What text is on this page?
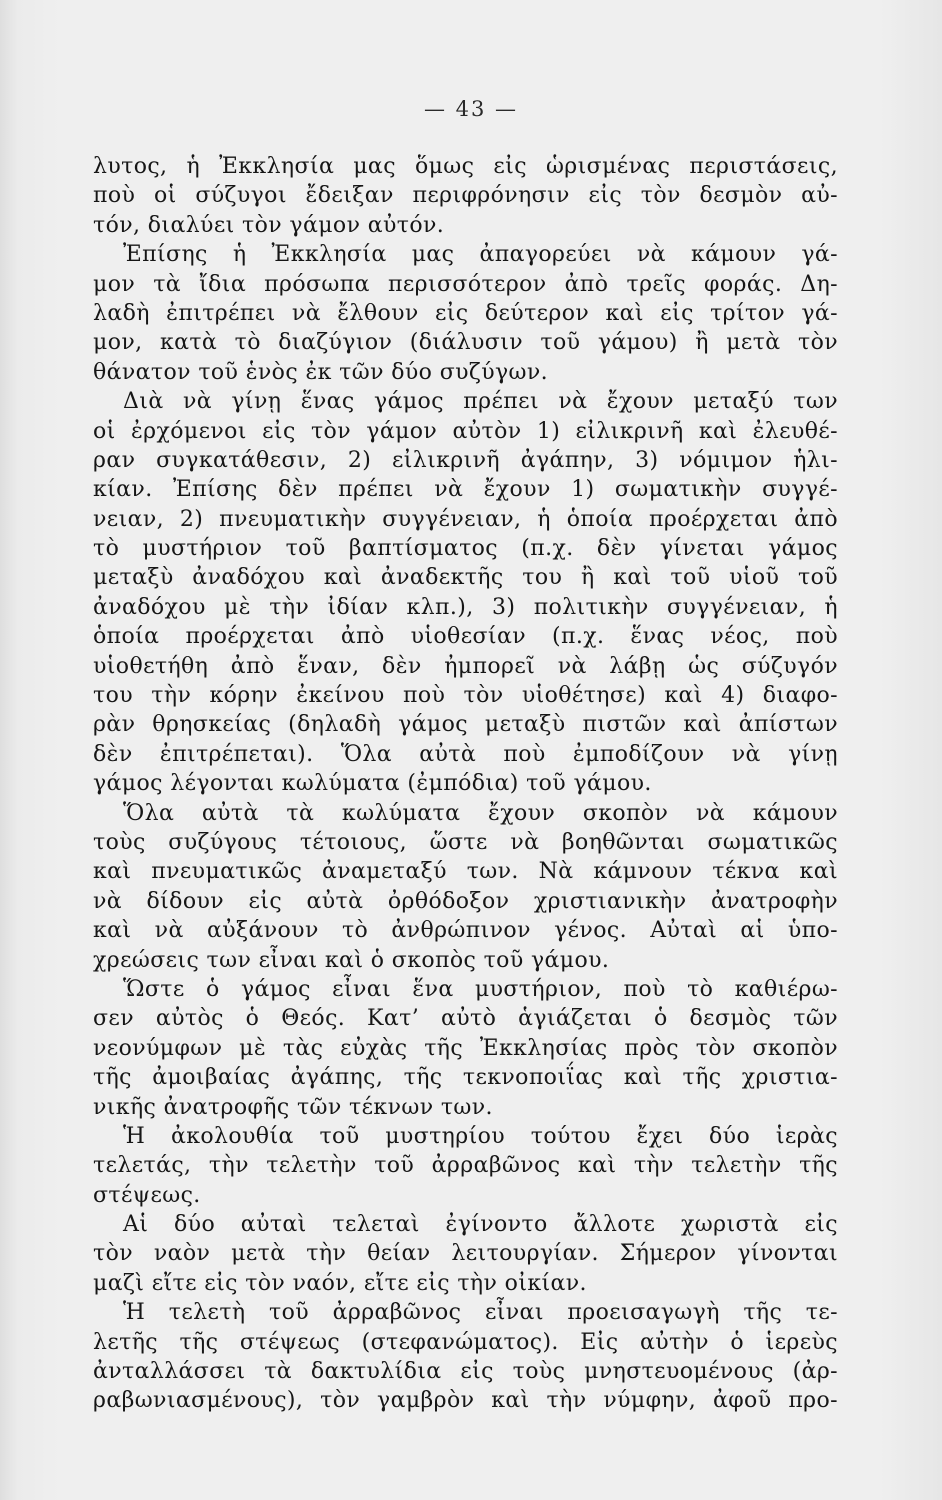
— 43 —
λυτος, ἡ Ἐκκλησία μας ὅμως εἰς ὡρισμένας περιστάσεις,
ποὺ οἱ σύζυγοι ἔδειξαν περιφρόνησιν εἰς τὸν δεσμὸν αὐ-
τόν, διαλύει τὸν γάμον αὐτόν.
Ἐπίσης ἡ Ἐκκλησία μας ἀπαγορεύει νὰ κάμουν γά-
μον τὰ ἴδια πρόσωπα περισσότερον ἀπὸ τρεῖς φοράς. Δη-
λαδὴ ἐπιτρέπει νὰ ἔλθουν εἰς δεύτερον καὶ εἰς τρίτον γά-
μον, κατὰ τὸ διαζύγιον (διάλυσιν τοῦ γάμου) ἢ μετὰ τὸν
θάνατον τοῦ ἑνὸς ἐκ τῶν δύο συζύγων.
Διὰ νὰ γίνῃ ἕνας γάμος πρέπει νὰ ἔχουν μεταξύ των
οἱ ἐρχόμενοι εἰς τὸν γάμον αὐτὸν 1) εἰλικρινῆ καὶ ἐλευθέ-
ραν συγκατάθεσιν, 2) εἰλικρινῆ ἀγάπην, 3) νόμιμον ἡλι-
κίαν. Ἐπίσης δὲν πρέπει νὰ ἔχουν 1) σωματικὴν συγγέ-
νειαν, 2) πνευματικὴν συγγένειαν, ἡ ὁποία προέρχεται ἀπὸ
τὸ μυστήριον τοῦ βαπτίσματος (π.χ. δὲν γίνεται γάμος
μεταξὺ ἀναδόχου καὶ ἀναδεκτῆς του ἢ καὶ τοῦ υἱοῦ τοῦ
ἀναδόχου μὲ τὴν ἰδίαν κλπ.), 3) πολιτικὴν συγγένειαν, ἡ
ὁποία προέρχεται ἀπὸ υἱοθεσίαν (π.χ. ἕνας νέος, ποὺ
υἱοθετήθη ἀπὸ ἕναν, δὲν ἠμπορεῖ νὰ λάβῃ ὡς σύζυγόν
του τὴν κόρην ἐκείνου ποὺ τὸν υἱοθέτησε) καὶ 4) διαφο-
ρὰν θρησκείας (δηλαδὴ γάμος μεταξὺ πιστῶν καὶ ἀπίστων
δὲν ἐπιτρέπεται). Ὅλα αὐτὰ ποὺ ἐμποδίζουν νὰ γίνῃ
γάμος λέγονται κωλύματα (ἐμπόδια) τοῦ γάμου.
Ὅλα αὐτὰ τὰ κωλύματα ἔχουν σκοπὸν νὰ κάμουν
τοὺς συζύγους τέτοιους, ὥστε νὰ βοηθῶνται σωματικῶς
καὶ πνευματικῶς ἀναμεταξύ των. Νὰ κάμνουν τέκνα καὶ
νὰ δίδουν εἰς αὐτὰ ὀρθόδοξον χριστιανικὴν ἀνατροφὴν
καὶ νὰ αὐξάνουν τὸ ἀνθρώπινον γένος. Αὐταὶ αἱ ὑπο-
χρεώσεις των εἶναι καὶ ὁ σκοπὸς τοῦ γάμου.
Ὥστε ὁ γάμος εἶναι ἕνα μυστήριον, ποὺ τὸ καθιέρω-
σεν αὐτὸς ὁ Θεός. Κατ’ αὐτὸ ἁγιάζεται ὁ δεσμὸς τῶν
νεονύμφων μὲ τὰς εὐχὰς τῆς Ἐκκλησίας πρὸς τὸν σκοπὸν
τῆς ἀμοιβαίας ἀγάπης, τῆς τεκνοποιΐας καὶ τῆς χριστια-
νικῆς ἀνατροφῆς τῶν τέκνων των.
Ἡ ἀκολουθία τοῦ μυστηρίου τούτου ἔχει δύο ἱερὰς
τελετάς, τὴν τελετὴν τοῦ ἀρραβῶνος καὶ τὴν τελετὴν τῆς
στέψεως.
Αἱ δύο αὐταὶ τελεταὶ ἐγίνοντο ἄλλοτε χωριστὰ εἰς
τὸν ναὸν μετὰ τὴν θείαν λειτουργίαν. Σήμερον γίνονται
μαζὶ εἴτε εἰς τὸν ναόν, εἴτε εἰς τὴν οἰκίαν.
Ἡ τελετὴ τοῦ ἀρραβῶνος εἶναι προεισαγωγὴ τῆς τε-
λετῆς τῆς στέψεως (στεφανώματος). Εἰς αὐτὴν ὁ ἱερεὺς
ἀνταλλάσσει τὰ δακτυλίδια εἰς τοὺς μνηστευομένους (ἀρ-
ραβωνιασμένους), τὸν γαμβρὸν καὶ τὴν νύμφην, ἀφοῦ προ-
